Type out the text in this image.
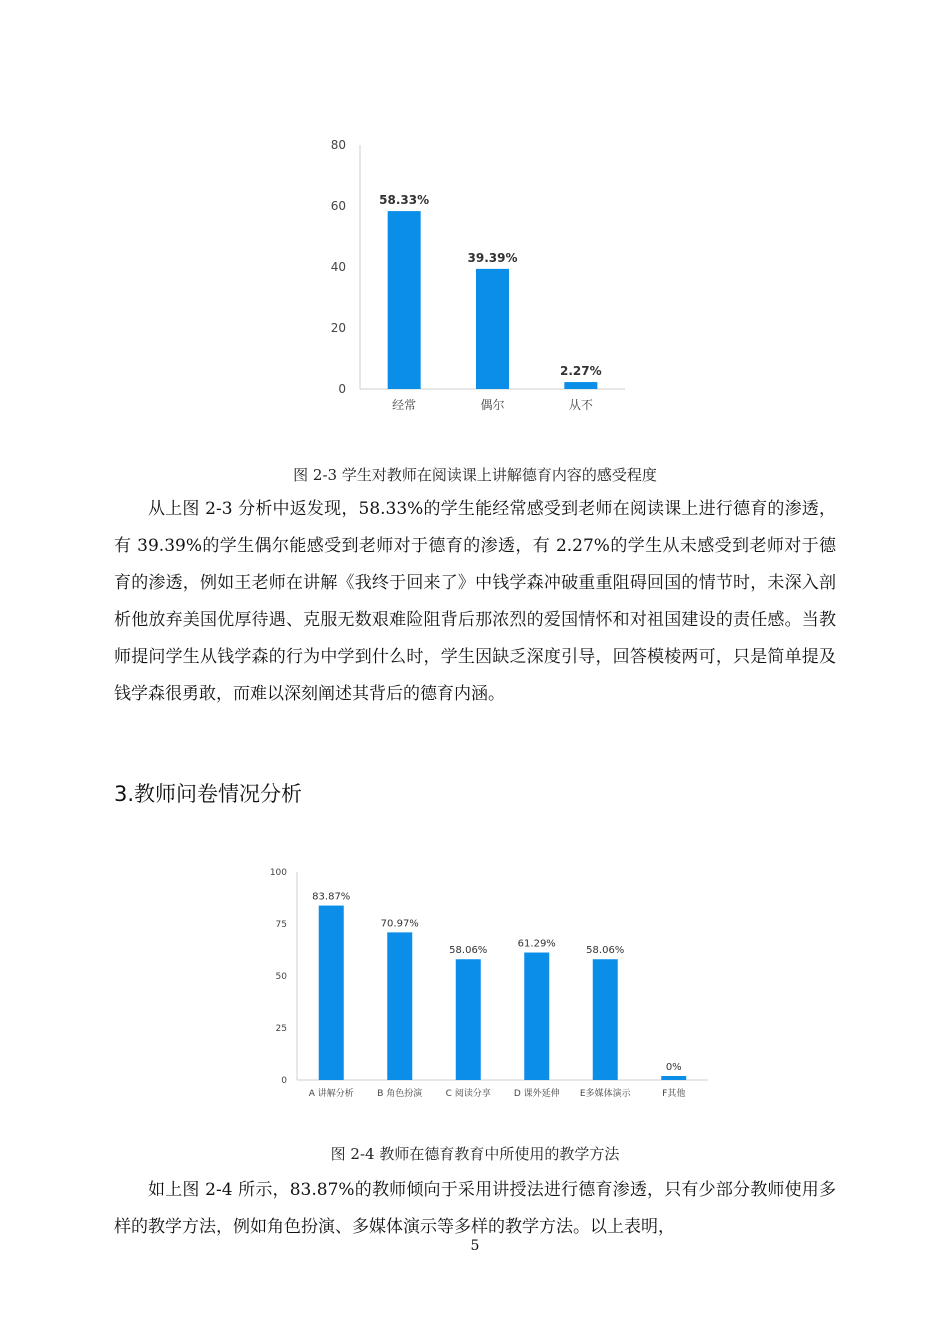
0
20
40
60
80
58.33%
经常
39.39%
偶尔
2.27%
从不
图 2-3 学生对教师在阅读课上讲解德育内容的感受程度

从上图 2-3 分析中返发现，58.33%的学生能经常感受到老师在阅读课上进行德育的渗透，有 39.39%的学生偶尔能感受到老师对于德育的渗透，有 2.27%的学生从未感受到老师对于德育的渗透，例如王老师在讲解《我终于回来了》中钱学森冲破重重阻碍回国的情节时，未深入剖析他放弃美国优厚待遇、克服无数艰难险阻背后那浓烈的爱国情怀和对祖国建设的责任感。当教师提问学生从钱学森的行为中学到什么时，学生因缺乏深度引导，回答模棱两可，只是简单提及钱学森很勇敢，而难以深刻阐述其背后的德育内涵。

3.教师问卷情况分析
0
25
50
75
100
83.87%
A 讲解分析
70.97%
B 角色扮演
58.06%
C 阅读分享
61.29%
D 课外延伸
58.06%
E多媒体演示
0%
F其他
图 2-4 教师在德育教育中所使用的教学方法

如上图 2-4 所示，83.87%的教师倾向于采用讲授法进行德育渗透，只有少部分教师使用多样的教学方法，例如角色扮演、多媒体演示等多样的教学方法。以上表明，

5
